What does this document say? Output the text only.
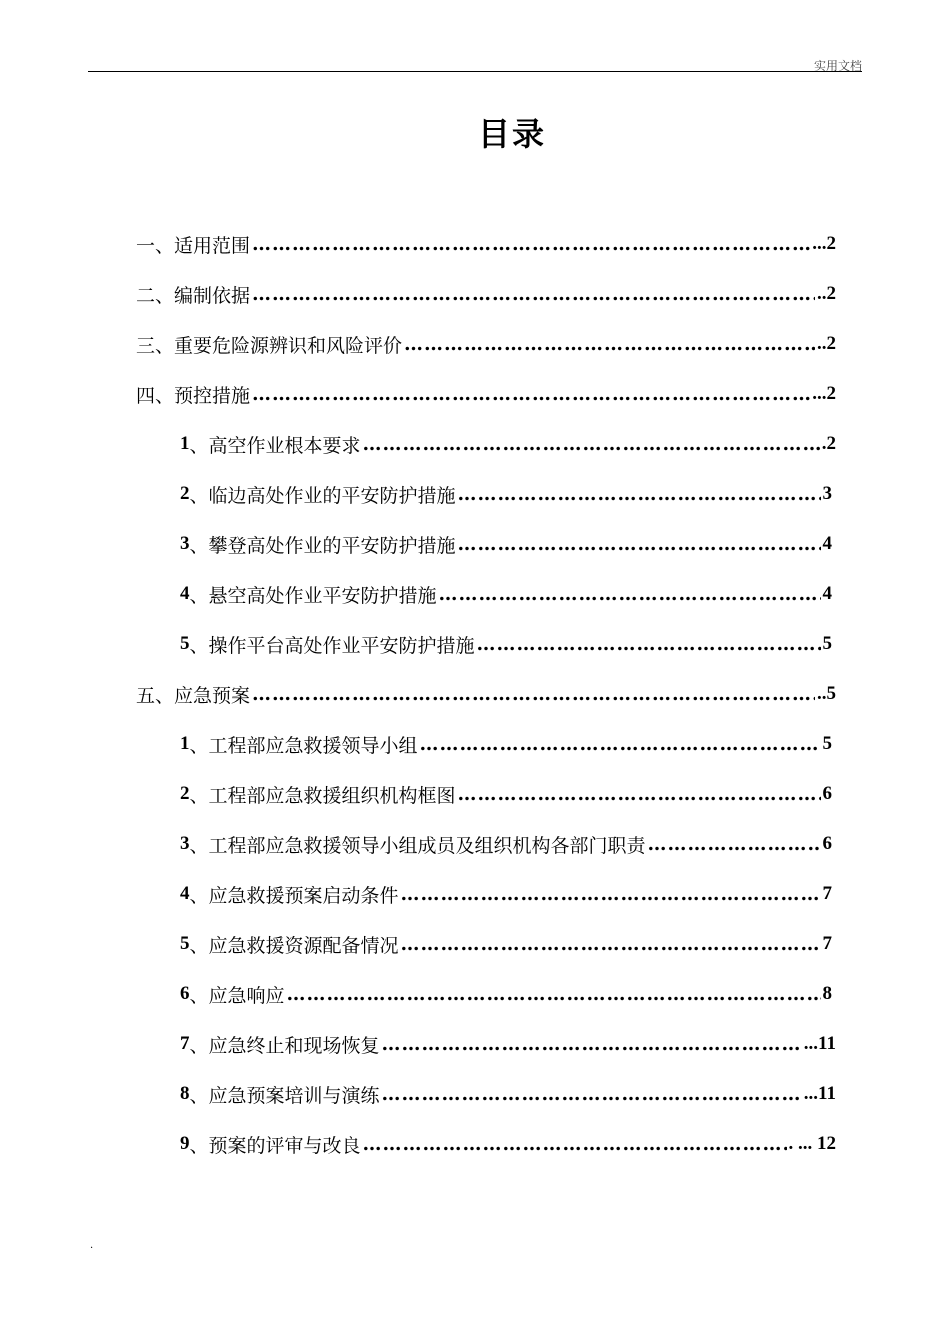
实用文档
目录
一、适用范围 …………………………………………………………………………………………………………………………	...2
二、编制依据 …………………………………………………………………………………………………………………………	..2
三、重要危险源辨识和风险评价 …………………………………………………………………………………………………………………………	..2
四、预控措施 …………………………………………………………………………………………………………………………	...2
1 、高空作业根本要求 …………………………………………………………………………………………………………………………	.2
2 、临边高处作业的平安防护措施 …………………………………………………………………………………………………………………………	3
3 、攀登高处作业的平安防护措施 …………………………………………………………………………………………………………………………	4
4 、悬空高处作业平安防护措施 …………………………………………………………………………………………………………………………	4
5 、操作平台高处作业平安防护措施 …………………………………………………………………………………………………………………………	5
五、应急预案 …………………………………………………………………………………………………………………………	..5
1 、工程部应急救援领导小组 …………………………………………………………………………………………………………………………	5
2 、工程部应急救援组织机构框图 …………………………………………………………………………………………………………………………	6
3 、工程部应急救援领导小组成员及组织机构各部门职责 …………………………………………………………………………………………………………………………	6
4 、应急救援预案启动条件 …………………………………………………………………………………………………………………………	7
5 、应急救援资源配备情况 …………………………………………………………………………………………………………………………	7
6 、应急响应 …………………………………………………………………………………………………………………………	8
7 、应急终止和现场恢复 …………………………………………………………………………………………………………………………	...11
8 、应急预案培训与演练 …………………………………………………………………………………………………………………………	...11
9 、预案的评审与改良 …………………………………………………………………………………………………………………………	. ... 12
.
